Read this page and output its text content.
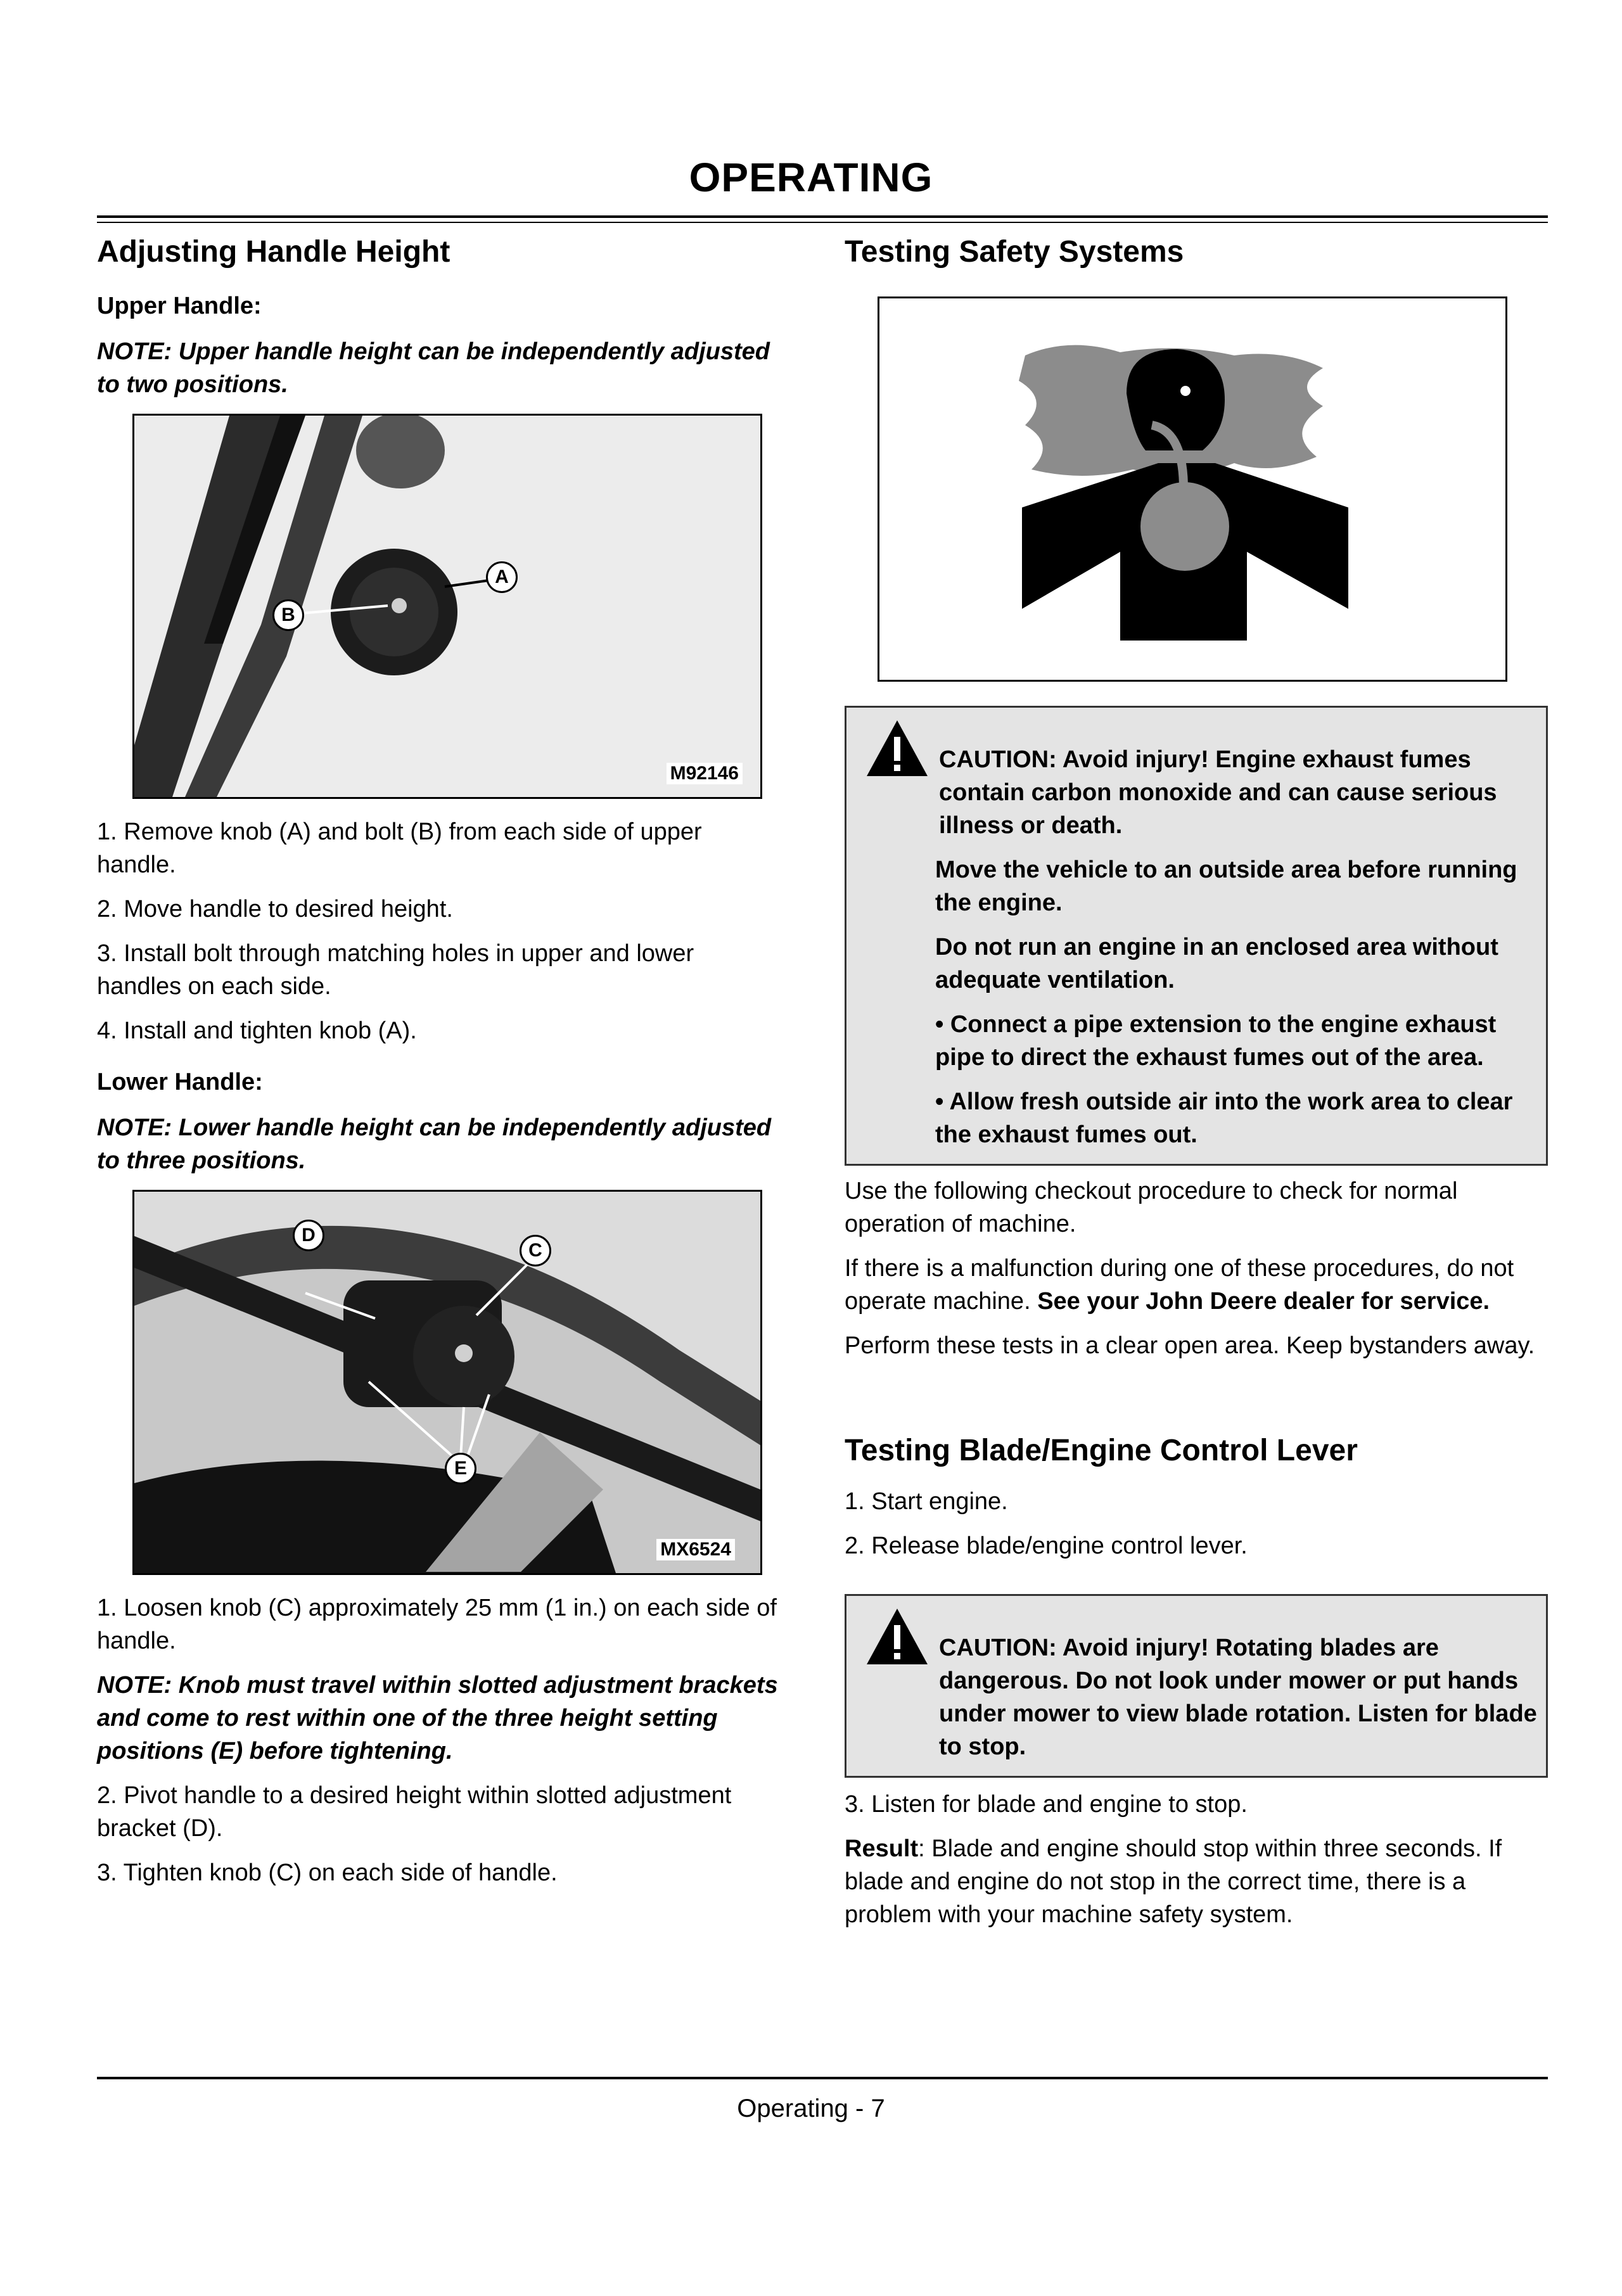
OPERATING
Adjusting Handle Height
Upper Handle:

NOTE: Upper handle height can be independently adjusted to two positions.

A
B
M92146

1. Remove knob (A) and bolt (B) from each side of upper handle.

2. Move handle to desired height.

3. Install bolt through matching holes in upper and lower handles on each side.

4. Install and tighten knob (A).

Lower Handle:

NOTE: Lower handle height can be independently adjusted to three positions.

D
C
E
MX6524

1. Loosen knob (C) approximately 25 mm (1 in.) on each side of handle.

NOTE: Knob must travel within slotted adjustment brackets and come to rest within one of the three height setting positions (E) before tightening.

2. Pivot handle to a desired height within slotted adjustment bracket (D).

3. Tighten knob (C) on each side of handle.

Testing Safety Systems

CAUTION: Avoid injury! Engine exhaust fumes contain carbon monoxide and can cause serious illness or death.

Move the vehicle to an outside area before running the engine.

Do not run an engine in an enclosed area without adequate ventilation.

• Connect a pipe extension to the engine exhaust pipe to direct the exhaust fumes out of the area.

• Allow fresh outside air into the work area to clear the exhaust fumes out.

Use the following checkout procedure to check for normal operation of machine.

If there is a malfunction during one of these procedures, do not operate machine. See your John Deere dealer for service.

Perform these tests in a clear open area. Keep bystanders away.

Testing Blade/Engine Control Lever

1. Start engine.

2. Release blade/engine control lever.

CAUTION: Avoid injury! Rotating blades are dangerous. Do not look under mower or put hands under mower to view blade rotation. Listen for blade to stop.

3. Listen for blade and engine to stop.

Result: Blade and engine should stop within three seconds. If blade and engine do not stop in the correct time, there is a problem with your machine safety system.

Operating - 7
